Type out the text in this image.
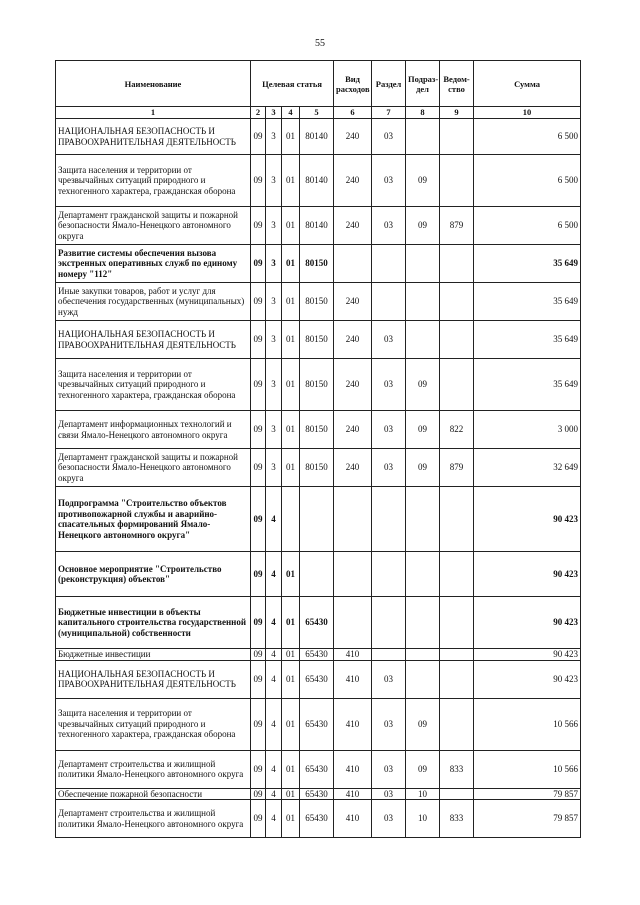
55
Наименование	Целевая статья				Вид расходов	Раздел	Подраз- дел	Ведом- ство	Сумма
1	2	3	4	5	6	7	8	9	10
НАЦИОНАЛЬНАЯ БЕЗОПАСНОСТЬ И ПРАВООХРАНИТЕЛЬНАЯ ДЕЯТЕЛЬНОСТЬ	09	3	01	80140	240	03			6 500
Защита населения и территории от чрезвычайных ситуаций природного и техногенного характера, гражданская оборона	09	3	01	80140	240	03	09		6 500
Департамент гражданской защиты и пожарной безопасности Ямало-Ненецкого автономного округа	09	3	01	80140	240	03	09	879	6 500
Развитие системы обеспечения вызова экстренных оперативных служб по единому номеру "112"	09	3	01	80150					35 649
Иные закупки товаров, работ и услуг для обеспечения государственных (муниципальных) нужд	09	3	01	80150	240				35 649
НАЦИОНАЛЬНАЯ БЕЗОПАСНОСТЬ И ПРАВООХРАНИТЕЛЬНАЯ ДЕЯТЕЛЬНОСТЬ	09	3	01	80150	240	03			35 649
Защита населения и территории от чрезвычайных ситуаций природного и техногенного характера, гражданская оборона	09	3	01	80150	240	03	09		35 649
Департамент информационных технологий и связи Ямало-Ненецкого автономного округа	09	3	01	80150	240	03	09	822	3 000
Департамент гражданской защиты и пожарной безопасности Ямало-Ненецкого автономного округа	09	3	01	80150	240	03	09	879	32 649
Подпрограмма "Строительство объектов противопожарной службы и аварийно-спасательных формирований Ямало-Ненецкого автономного округа"	09	4							90 423
Основное мероприятие "Строительство (реконструкция) объектов"	09	4	01						90 423
Бюджетные инвестиции в объекты капитального строительства государственной (муниципальной) собственности	09	4	01	65430					90 423
Бюджетные инвестиции	09	4	01	65430	410				90 423
НАЦИОНАЛЬНАЯ БЕЗОПАСНОСТЬ И ПРАВООХРАНИТЕЛЬНАЯ ДЕЯТЕЛЬНОСТЬ	09	4	01	65430	410	03			90 423
Защита населения и территории от чрезвычайных ситуаций природного и техногенного характера, гражданская оборона	09	4	01	65430	410	03	09		10 566
Департамент строительства и жилищной политики Ямало-Ненецкого автономного округа	09	4	01	65430	410	03	09	833	10 566
Обеспечение пожарной безопасности	09	4	01	65430	410	03	10		79 857
Департамент строительства и жилищной политики Ямало-Ненецкого автономного округа	09	4	01	65430	410	03	10	833	79 857
